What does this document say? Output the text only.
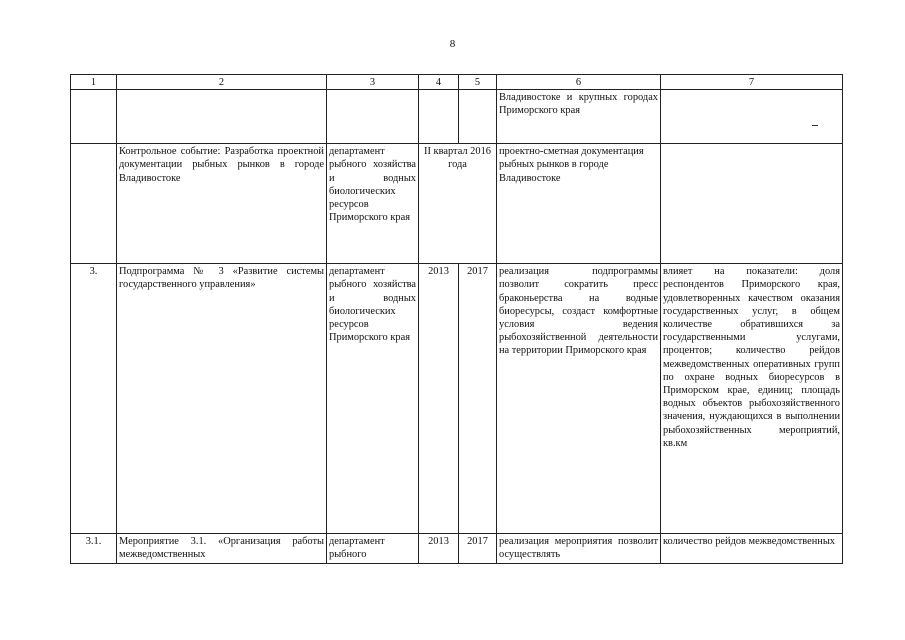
8
1	2	3	4	5	6	7
					Владивостоке и крупных городах Приморского края	
	Контрольное событие: Разработка проектной документации рыбных рынков в городе Владивостоке	департамент рыбного хозяйства и водных биологических ресурсов Приморского края	II квартал 2016 года		проектно-сметная документация рыбных рынков в городе Владивостоке	
3.	Подпрограмма № 3 «Развитие системы государственного управления»	департамент рыбного хозяйства и водных биологических ресурсов Приморского края	2013	2017	реализация подпрограммы позволит сократить пресс браконьерства на водные биоресурсы, создаст комфортные условия ведения рыбохозяйственной деятельности на территории Приморского края	влияет на показатели: доля респондентов Приморского края, удовлетворенных качеством оказания государственных услуг, в общем количестве обратившихся за государственными услугами, процентов; количество рейдов межведомственных оперативных групп по охране водных биоресурсов в Приморском крае, единиц; площадь водных объектов рыбохозяйственного значения, нуждающихся в выполнении рыбохозяйственных мероприятий, кв.км
3.1.	Мероприятие 3.1. «Организация работы межведомственных	департамент рыбного	2013	2017	реализация мероприятия позволит осуществлять	количество рейдов межведомственных
